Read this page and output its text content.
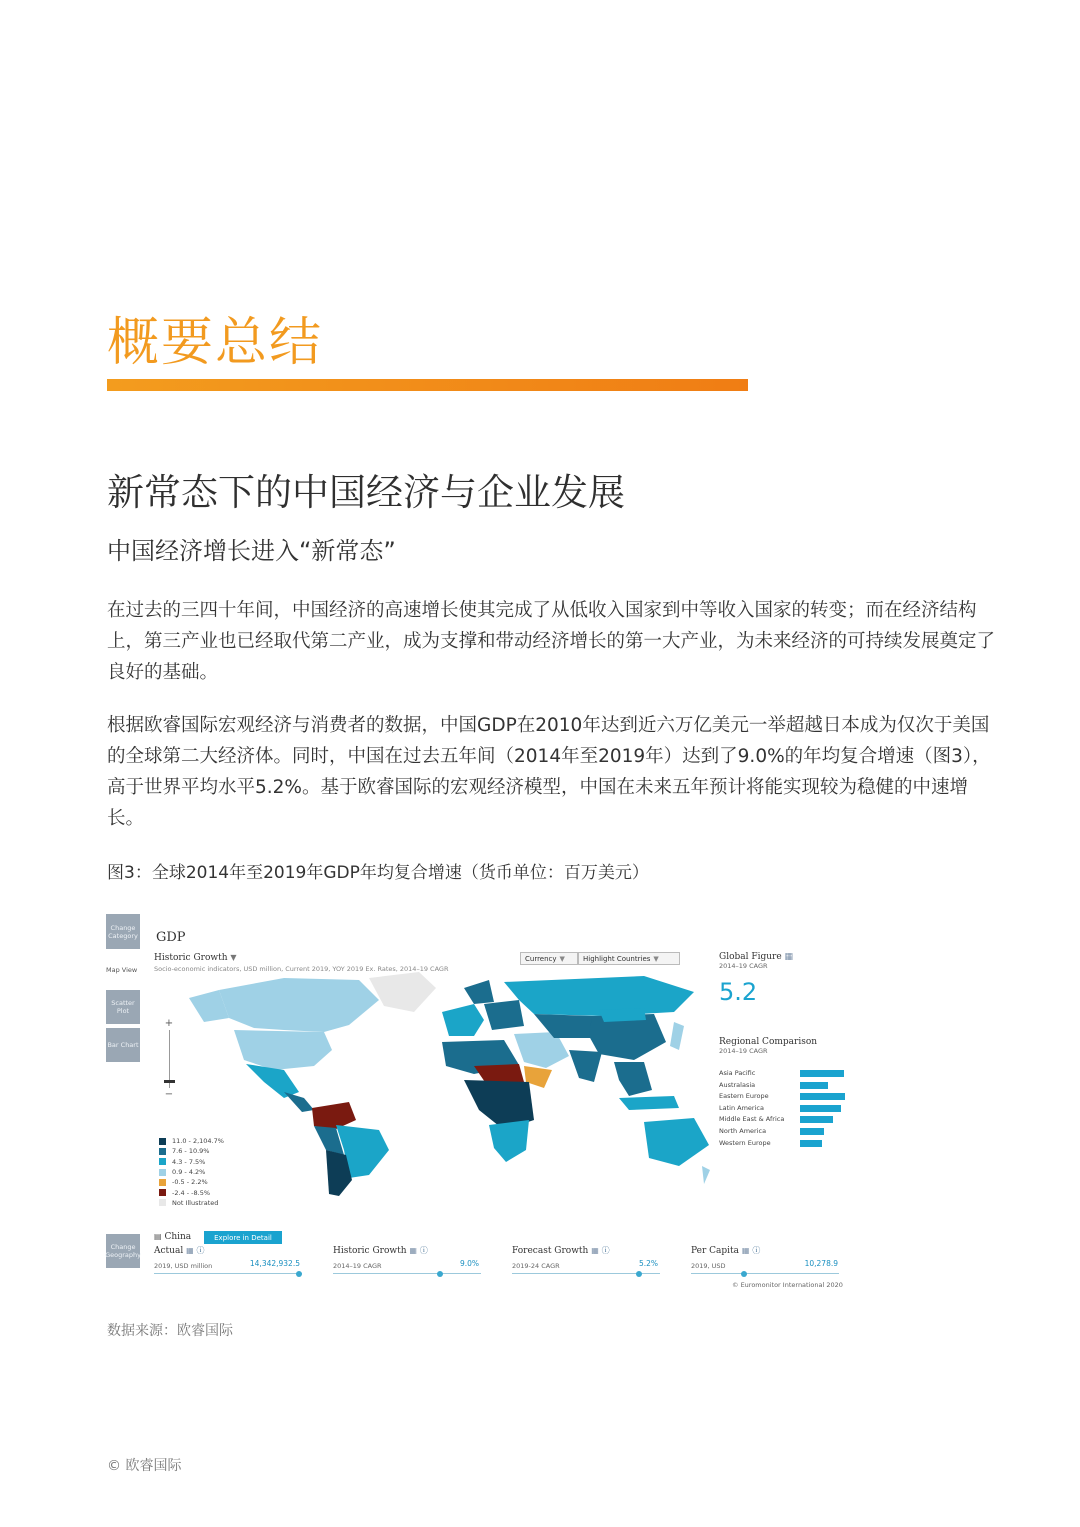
概要总结
新常态下的中国经济与企业发展
中国经济增长进入“新常态”

在过去的三四十年间，中国经济的高速增长使其完成了从低收入国家到中等收入国家的转变；而在经济结构上，第三产业也已经取代第二产业，成为支撑和带动经济增长的第一大产业，为未来经济的可持续发展奠定了良好的基础。

根据欧睿国际宏观经济与消费者的数据，中国GDP在2010年达到近六万亿美元一举超越日本成为仅次于美国的全球第二大经济体。同时，中国在过去五年间（2014年至2019年）达到了9.0%的年均复合增速（图3），高于世界平均水平5.2%。基于欧睿国际的宏观经济模型，中国在未来五年预计将能实现较为稳健的中速增长。

图3：全球2014年至2019年GDP年均复合增速（货币单位：百万美元）
Change Category
Map View
Scatter Plot
Bar Chart
Change Geography
GDP
Historic Growth ▼
Socio-economic indicators, USD million, Current 2019, YOY 2019 Ex. Rates, 2014–19 CAGR
Currency ▼	Highlight Countries ▼
+
−
11.0 - 2,104.7%
7.6 - 10.9%
4.3 - 7.5%
0.9 - 4.2%
-0.5 - 2.2%
-2.4 - -8.5%
Not Illustrated
Global Figure ▦
2014–19 CAGR
5.2
Regional Comparison
2014–19 CAGR
Asia Pacific
Australasia
Eastern Europe
Latin America
Middle East & Africa
North America
Western Europe
▤ China	Explore in Detail
Actual ▦ ⓘ
2019, USD million	14,342,932.5
Historic Growth ▦ ⓘ
2014–19 CAGR	9.0%
Forecast Growth ▦ ⓘ
2019-24 CAGR	5.2%
Per Capita ▦ ⓘ
2019, USD	10,278.9
© Euromonitor International 2020
数据来源：欧睿国际
© 欧睿国际
